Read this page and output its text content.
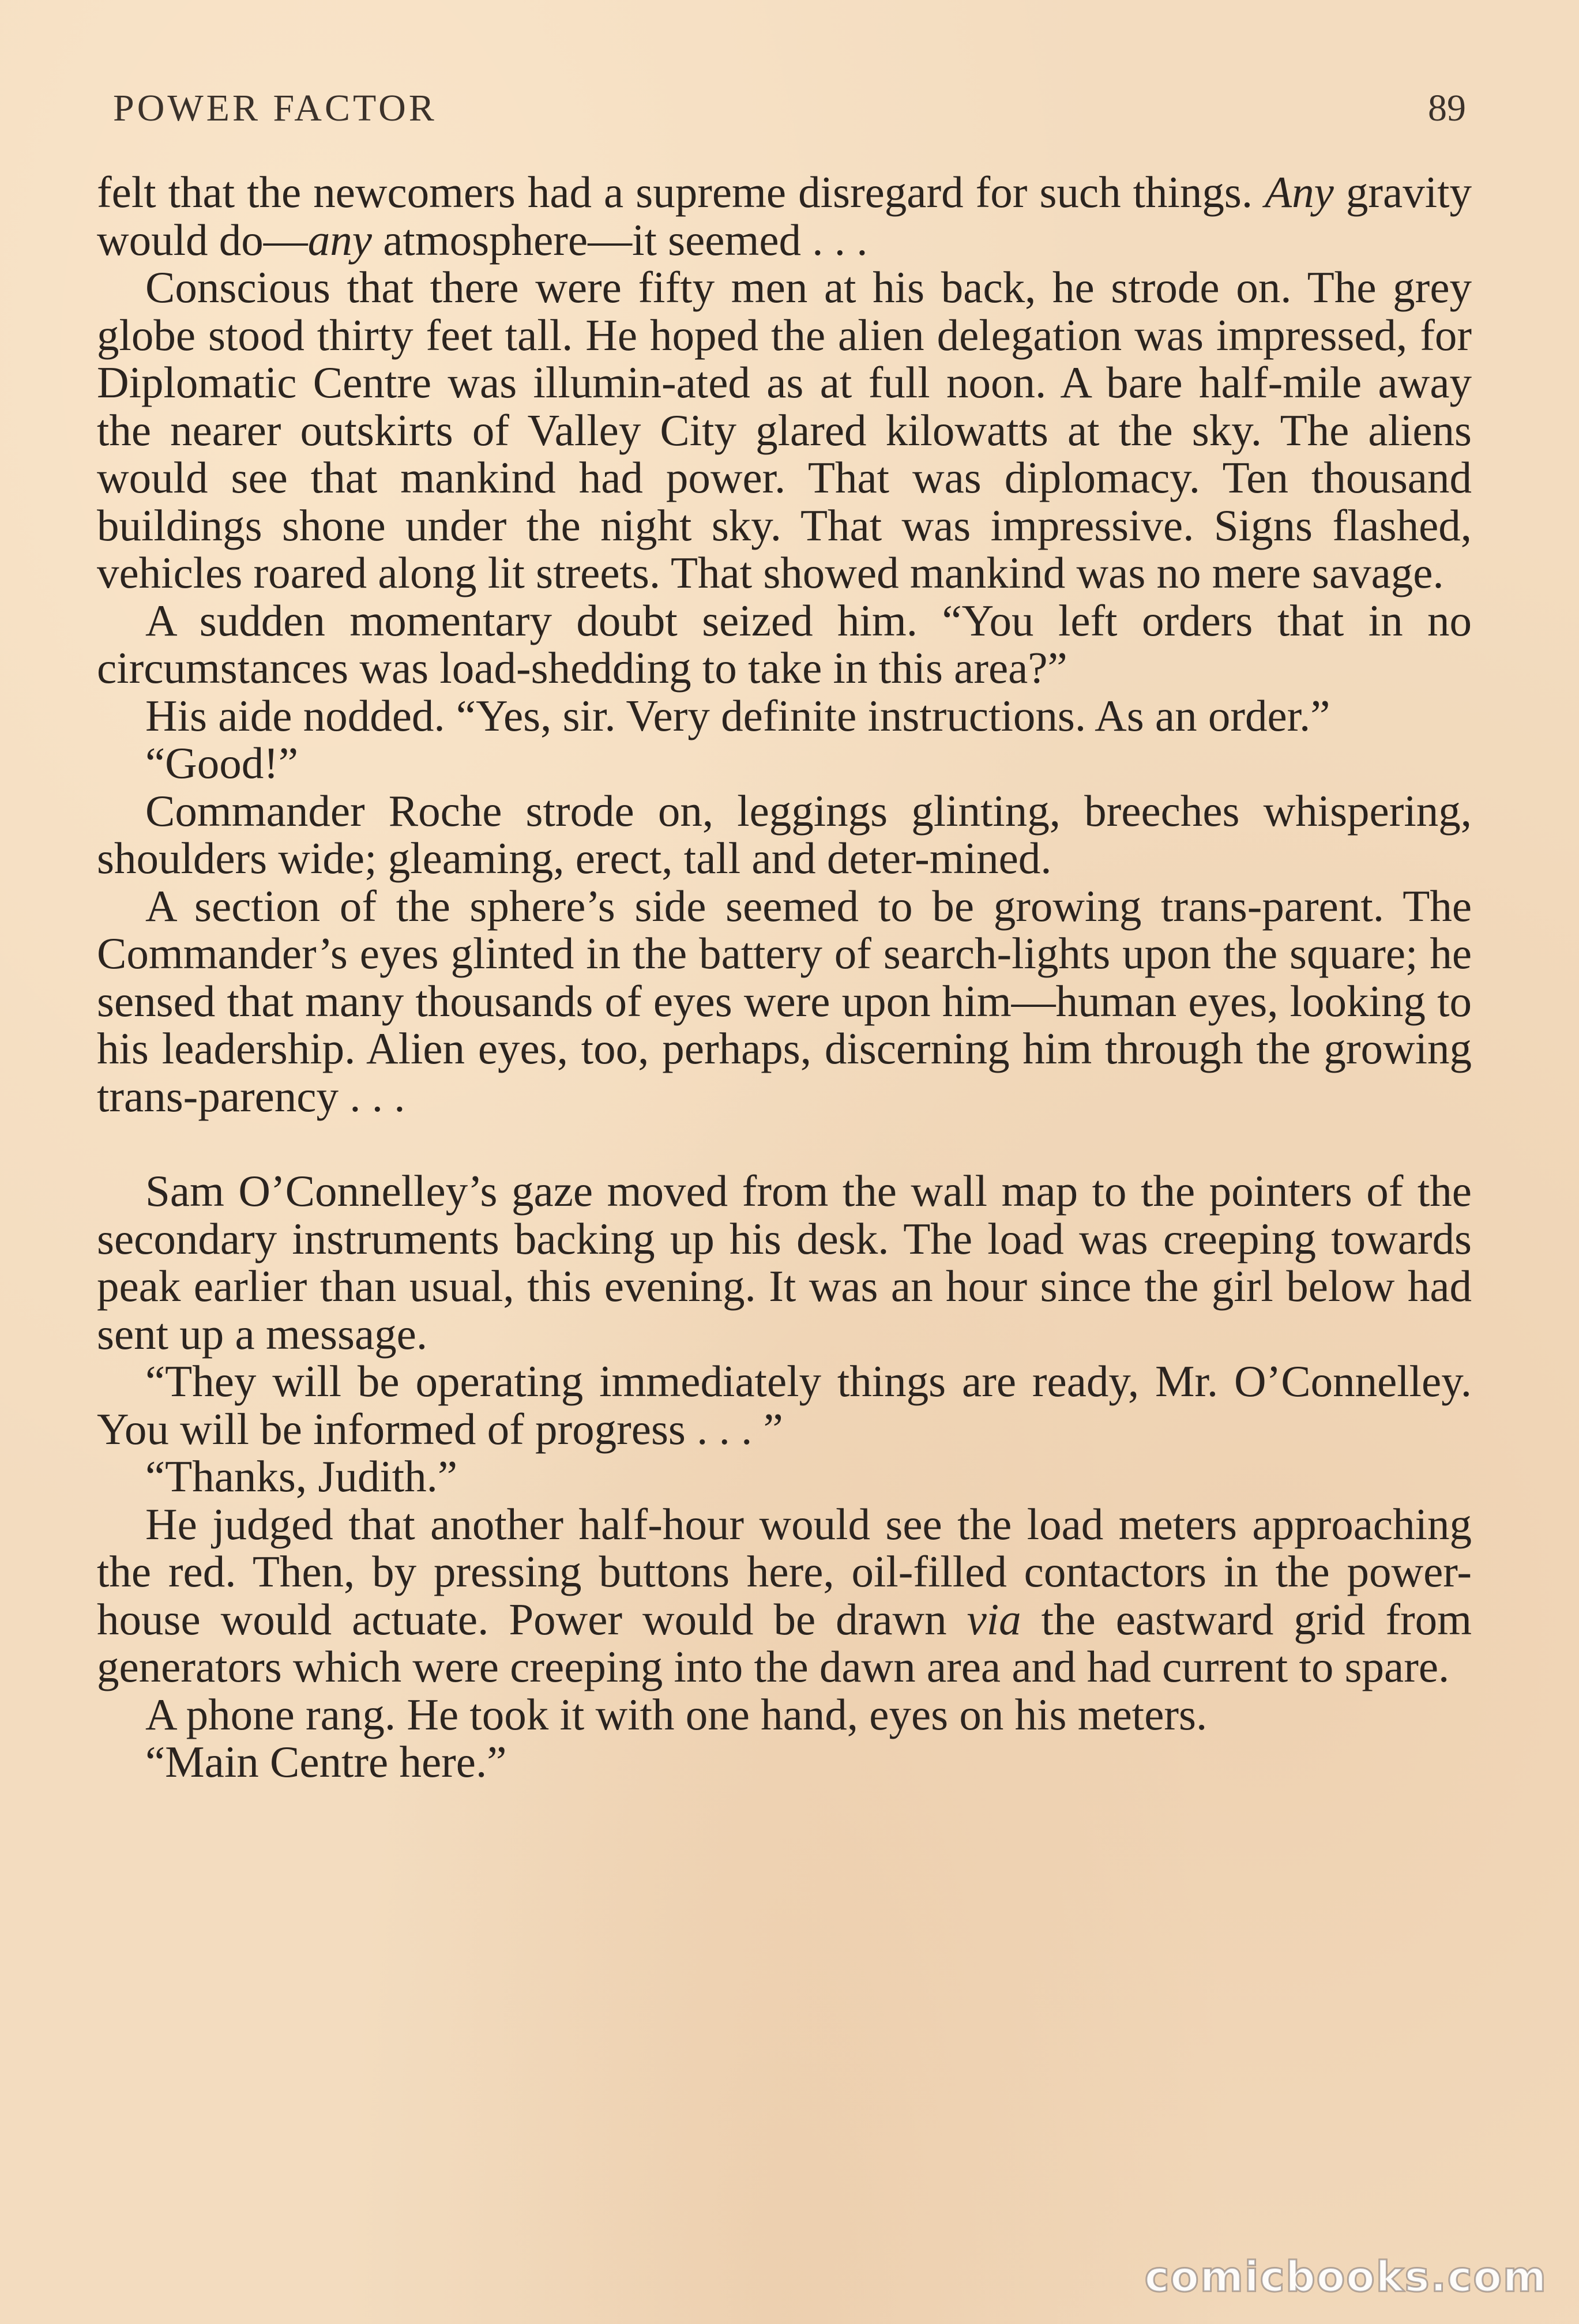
POWER FACTOR	89

felt that the newcomers had a supreme disregard for such things. Any gravity would do—any atmosphere—it seemed . . .

Conscious that there were fifty men at his back, he strode on. The grey globe stood thirty feet tall. He hoped the alien delegation was impressed, for Diplomatic Centre was illumin-ated as at full noon. A bare half-mile away the nearer outskirts of Valley City glared kilowatts at the sky. The aliens would see that mankind had power. That was diplomacy. Ten thousand buildings shone under the night sky. That was impressive. Signs flashed, vehicles roared along lit streets. That showed mankind was no mere savage.

A sudden momentary doubt seized him. “You left orders that in no circumstances was load-shedding to take in this area?”

His aide nodded. “Yes, sir. Very definite instructions. As an order.”

“Good!”

Commander Roche strode on, leggings glinting, breeches whispering, shoulders wide; gleaming, erect, tall and deter-mined.

A section of the sphere’s side seemed to be growing trans-parent. The Commander’s eyes glinted in the battery of search-lights upon the square; he sensed that many thousands of eyes were upon him—human eyes, looking to his leadership. Alien eyes, too, perhaps, discerning him through the growing trans-parency . . .

Sam O’Connelley’s gaze moved from the wall map to the pointers of the secondary instruments backing up his desk. The load was creeping towards peak earlier than usual, this evening. It was an hour since the girl below had sent up a message.

“They will be operating immediately things are ready, Mr. O’Connelley. You will be informed of progress . . . ”

“Thanks, Judith.”

He judged that another half-hour would see the load meters approaching the red. Then, by pressing buttons here, oil-filled contactors in the power-house would actuate. Power would be drawn via the eastward grid from generators which were creeping into the dawn area and had current to spare.

A phone rang. He took it with one hand, eyes on his meters.

“Main Centre here.”

comicbooks.com
